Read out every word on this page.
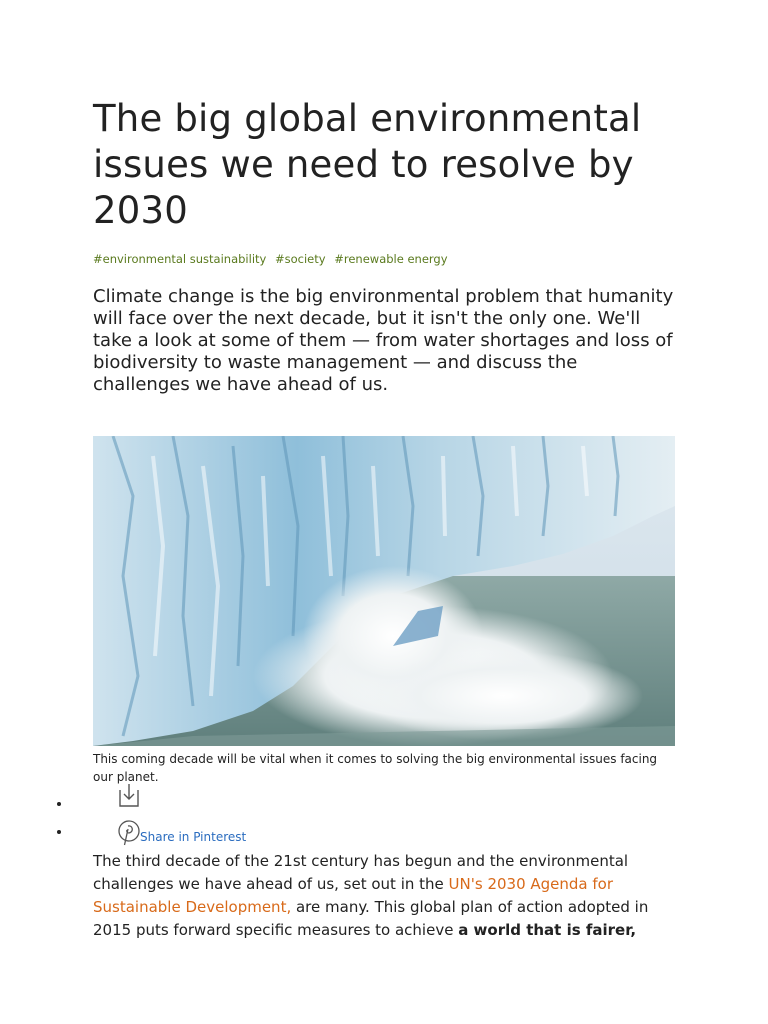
The big global environmental issues we need to resolve by 2030
#environmental sustainability #society #renewable energy
Climate change is the big environmental problem that humanity will face over the next decade, but it isn't the only one. We'll take a look at some of them — from water shortages and loss of biodiversity to waste management — and discuss the challenges we have ahead of us.
This coming decade will be vital when it comes to solving the big environmental issues facing our planet.
•
• Share in Pinterest
The third decade of the 21st century has begun and the environmental challenges we have ahead of us, set out in the UN's 2030 Agenda for Sustainable Development, are many. This global plan of action adopted in 2015 puts forward specific measures to achieve a world that is fairer,
